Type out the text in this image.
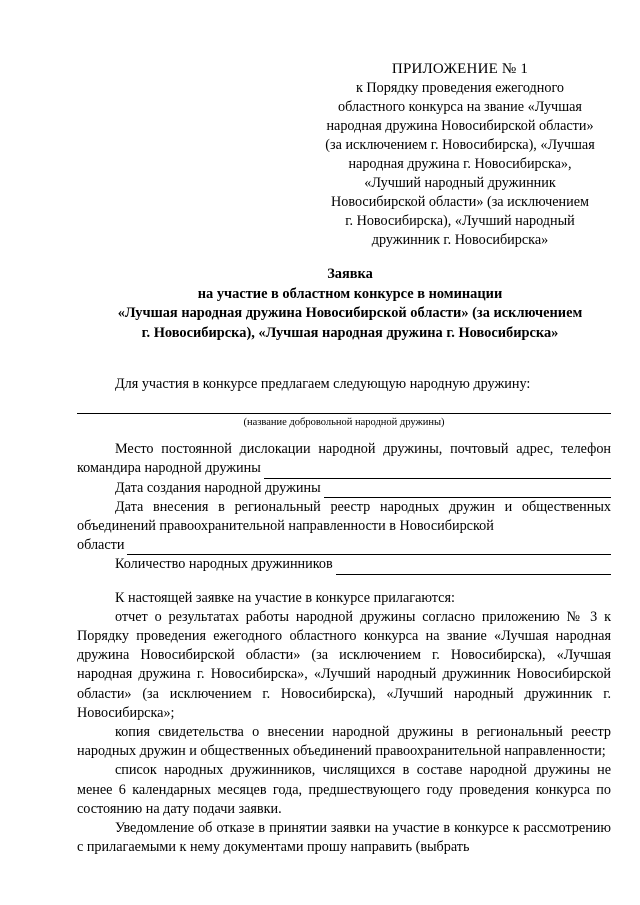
ПРИЛОЖЕНИЕ № 1
к Порядку проведения ежегодного
областного конкурса на звание «Лучшая
народная дружина Новосибирской области»
(за исключением г. Новосибирска), «Лучшая
народная дружина г. Новосибирска»,
«Лучший народный дружинник
Новосибирской области» (за исключением
г. Новосибирска), «Лучший народный
дружинник г. Новосибирска»
Заявка
на участие в областном конкурсе в номинации
«Лучшая народная дружина Новосибирской области» (за исключением
г. Новосибирска), «Лучшая народная дружина г. Новосибирска»

Для участия в конкурсе предлагаем следующую народную дружину:

(название добровольной народной дружины)

Место постоянной дислокации народной дружины, почтовый адрес, телефон

командира народной дружины
Дата создания народной дружины

Дата внесения в региональный реестр народных дружин и общественных объединений правоохранительной направленности в Новосибирской

области
Количество народных дружинников

К настоящей заявке на участие в конкурсе прилагаются:

отчет о результатах работы народной дружины согласно приложению № 3 к Порядку проведения ежегодного областного конкурса на звание «Лучшая народная дружина Новосибирской области» (за исключением г. Новосибирска), «Лучшая народная дружина г. Новосибирска», «Лучший народный дружинник Новосибирской области» (за исключением г. Новосибирска), «Лучший народный дружинник г. Новосибирска»;

копия свидетельства о внесении народной дружины в региональный реестр народных дружин и общественных объединений правоохранительной направленности;

список народных дружинников, числящихся в составе народной дружины не менее 6 календарных месяцев года, предшествующего году проведения конкурса по состоянию на дату подачи заявки.

Уведомление об отказе в принятии заявки на участие в конкурсе к рассмотрению с прилагаемыми к нему документами прошу направить (выбрать
